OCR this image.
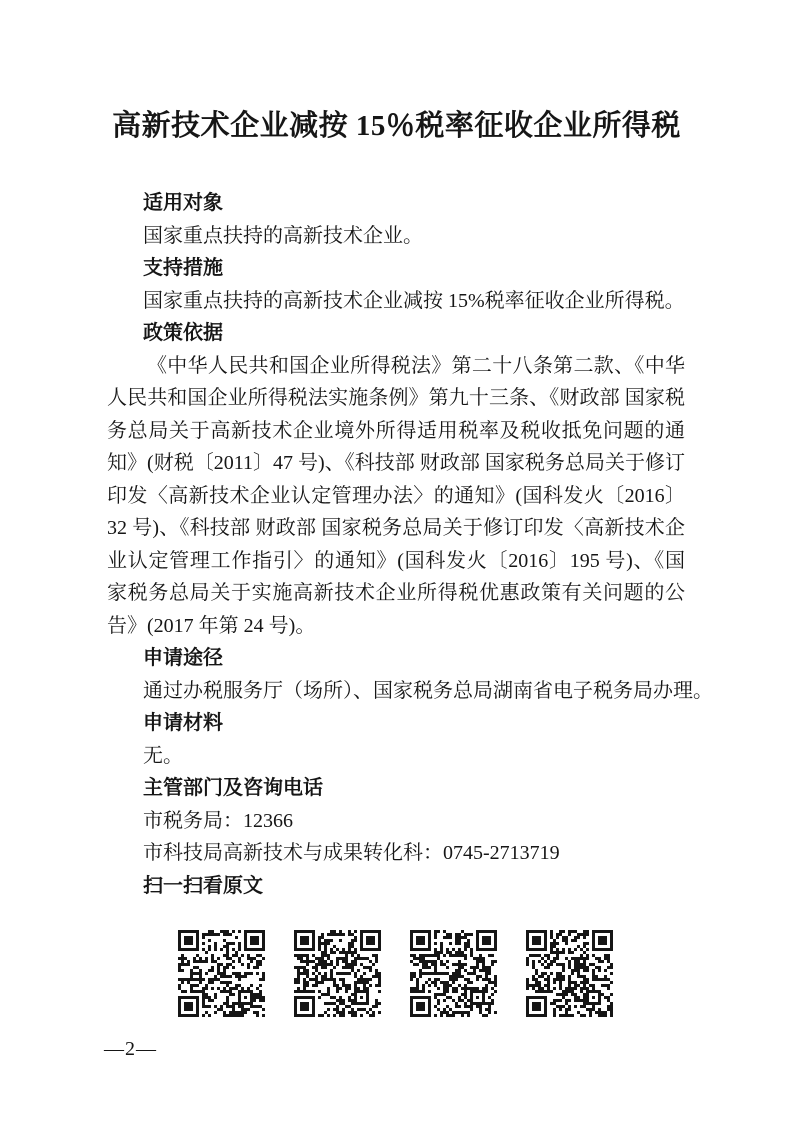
高新技术企业减按 15％税率征收企业所得税
适用对象
国家重点扶持的高新技术企业。
支持措施
国家重点扶持的高新技术企业减按 15%税率征收企业所得税。
政策依据
《中华人民共和国企业所得税法》第二十八条第二款、《中华人民共和国企业所得税法实施条例》第九十三条、《财政部 国家税务总局关于高新技术企业境外所得适用税率及税收抵免问题的通知》(财税〔2011〕47 号)、《科技部 财政部 国家税务总局关于修订印发〈高新技术企业认定管理办法〉的通知》(国科发火〔2016〕32 号)、《科技部 财政部 国家税务总局关于修订印发〈高新技术企业认定管理工作指引〉的通知》(国科发火〔2016〕195 号)、《国家税务总局关于实施高新技术企业所得税优惠政策有关问题的公告》(2017 年第 24 号)。
申请途径
通过办税服务厅（场所）、国家税务总局湖南省电子税务局办理。
申请材料
无。
主管部门及咨询电话
市税务局：12366
市科技局高新技术与成果转化科：0745-2713719
扫一扫看原文
—2—
